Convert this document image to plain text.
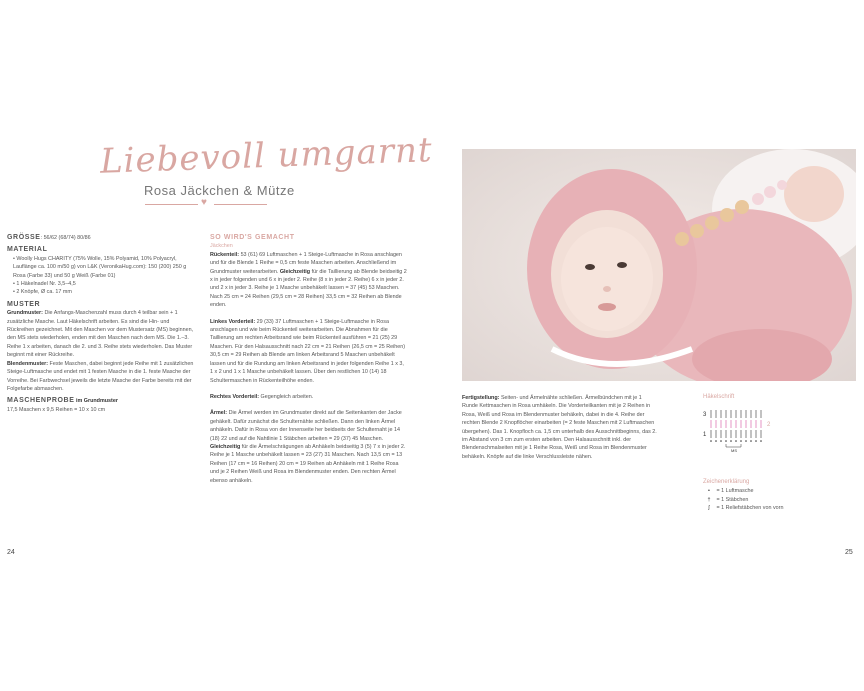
Liebevoll umgarnt
Rosa Jäckchen & Mütze
♥
GRÖSSE: 56/62 (68/74) 80/86
MATERIAL
• Woolly Hugs CHARITY (75% Wolle, 15% Polyamid, 10% Polyacryl, Lauflänge ca. 100 m/50 g) von L&K (VeronikaHug.com): 150 (200) 250 g Rosa (Farbe 33) und 50 g Weiß (Farbe 01)
• 1 Häkelnadel Nr. 3,5–4,5
• 2 Knöpfe, Ø ca. 17 mm
MUSTER

Grundmuster: Die Anfangs-Maschenzahl muss durch 4 teilbar sein + 1 zusätzliche Masche. Laut Häkelschrift arbeiten. Es sind die Hin- und Rückreihen gezeichnet. Mit den Maschen vor dem Mustersatz (MS) beginnen, den MS stets wiederholen, enden mit den Maschen nach dem MS. Die 1.–3. Reihe 1 x arbeiten, danach die 2. und 3. Reihe stets wiederholen. Das Muster beginnt mit einer Rückreihe.

Blendenmuster: Feste Maschen, dabei beginnt jede Reihe mit 1 zusätzlichen Steige-Luftmasche und endet mit 1 festen Masche in die 1. feste Masche der Vorreihe. Bei Farbwechsel jeweils die letzte Masche der Farbe bereits mit der Folgefarbe abmaschen.

MASCHENPROBE im Grundmuster

17,5 Maschen x 9,5 Reihen = 10 x 10 cm

SO WIRD'S GEMACHT
Jäckchen

Rückenteil: 53 (61) 69 Luftmaschen + 1 Steige-Luftmasche in Rosa anschlagen und für die Blende 1 Reihe = 0,5 cm feste Maschen arbeiten. Anschließend im Grundmuster weiterarbeiten. Gleichzeitig für die Taillierung ab Blende beidseitig 2 x in jeder folgenden und 6 x in jeder 2. Reihe (8 x in jeder 2. Reihe) 6 x in jeder 2. und 2 x in jeder 3. Reihe je 1 Masche unbehäkelt lassen = 37 (45) 53 Maschen. Nach 25 cm = 24 Reihen (29,5 cm = 28 Reihen) 33,5 cm = 32 Reihen ab Blende enden.

Linkes Vorderteil: 29 (33) 37 Luftmaschen + 1 Steige-Luftmasche in Rosa anschlagen und wie beim Rückenteil weiterarbeiten. Die Abnahmen für die Taillierung am rechten Arbeitsrand wie beim Rückenteil ausführen = 21 (25) 29 Maschen. Für den Halsausschnitt nach 22 cm = 21 Reihen (26,5 cm = 25 Reihen) 30,5 cm = 29 Reihen ab Blende am linken Arbeitsrand 5 Maschen unbehäkelt lassen und für die Rundung am linken Arbeitsrand in jeder folgenden Reihe 1 x 3, 1 x 2 und 1 x 1 Masche unbehäkelt lassen. Über den restlichen 10 (14) 18 Schultermaschen in Rückenteilhöhe enden.

Rechtes Vorderteil: Gegengleich arbeiten.

Ärmel: Die Ärmel werden im Grundmuster direkt auf die Seitenkanten der Jacke gehäkelt. Dafür zunächst die Schulternähte schließen. Dann den linken Ärmel anhäkeln. Dafür in Rosa von der Innenseite her beidseits der Schulternaht je 14 (18) 22 und auf die Nahtlinie 1 Stäbchen arbeiten = 29 (37) 45 Maschen. Gleichzeitig für die Ärmelschrägungen ab Anhäkeln beidseitig 3 (5) 7 x in jeder 2. Reihe je 1 Masche unbehäkelt lassen = 23 (27) 31 Maschen. Nach 13,5 cm = 13 Reihen (17 cm = 16 Reihen) 20 cm = 19 Reihen ab Anhäkeln mit 1 Reihe Rosa und je 2 Reihen Weiß und Rosa im Blendenmuster enden. Den rechten Ärmel ebenso anhäkeln.

Fertigstellung: Seiten- und Ärmelnähte schließen. Ärmelbündchen mit je 1 Runde Kettmaschen in Rosa umhäkeln. Die Vorderteilkanten mit je 2 Reihen in Rosa, Weiß und Rosa im Blendenmuster behäkeln, dabei in die 4. Reihe der rechten Blende 2 Knopflöcher einarbeiten (= 2 feste Maschen mit 2 Luftmaschen übergehen). Das 1. Knopfloch ca. 1,5 cm unterhalb des Ausschnittbeginns, das 2. im Abstand von 3 cm zum ersten arbeiten. Den Halsausschnitt inkl. der Blendenschmalseiten mit je 1 Reihe Rosa, Weiß und Rosa im Blendenmuster behäkeln. Knöpfe auf die linke Verschlussleiste nähen.

Häkelschrift
3
2
1
MS
Zeichenerklärung
• = 1 Luftmasche
† = 1 Stäbchen
ʃ = 1 Reliefstäbchen von vorn
24	25
